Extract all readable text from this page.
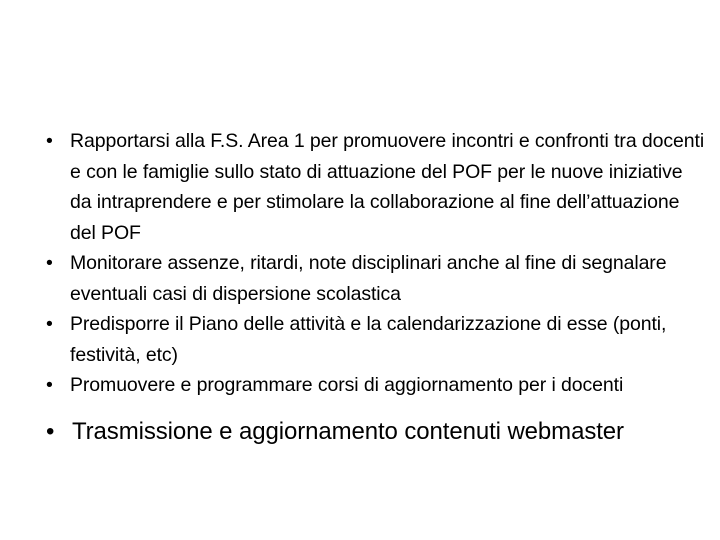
• Rapportarsi alla F.S. Area 1 per promuovere incontri e confronti tra docenti e con le famiglie sullo stato di attuazione del POF per le nuove iniziative da intraprendere e per stimolare la collaborazione al fine dell’attuazione del POF
• Monitorare assenze, ritardi, note disciplinari anche al fine di segnalare eventuali casi di dispersione scolastica
• Predisporre il Piano delle attività e la calendarizzazione di esse (ponti, festività, etc)
• Promuovere e programmare corsi di aggiornamento per i docenti
• Trasmissione e aggiornamento contenuti webmaster
